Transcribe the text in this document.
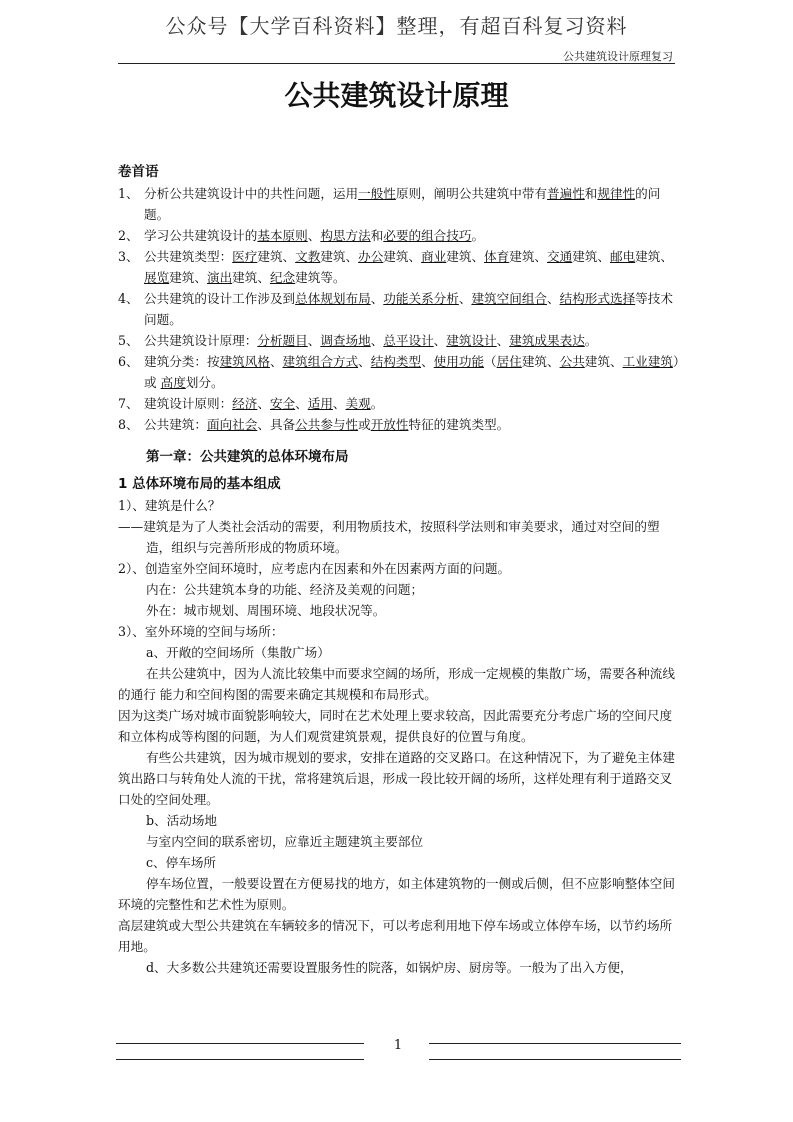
公众号【大学百科资料】整理，有超百科复习资料
公共建筑设计原理复习
公共建筑设计原理
卷首语
1、 分析公共建筑设计中的共性问题，运用一般性原则，阐明公共建筑中带有普遍性和规律性的问题。
2、 学习公共建筑设计的基本原则、构思方法和必要的组合技巧。
3、 公共建筑类型：医疗建筑、文教建筑、办公建筑、商业建筑、体育建筑、交通建筑、邮电建筑、展览建筑、演出建筑、纪念建筑等。
4、 公共建筑的设计工作涉及到总体规划布局、功能关系分析、建筑空间组合、结构形式选择等技术问题。
5、 公共建筑设计原理：分析题目、调查场地、总平设计、建筑设计、建筑成果表达。
6、 建筑分类：按建筑风格、建筑组合方式、结构类型、使用功能（居住建筑、公共建筑、工业建筑）或 高度划分。
7、 建筑设计原则：经济、安全、适用、美观。
8、 公共建筑：面向社会、具备公共参与性或开放性特征的建筑类型。
第一章：公共建筑的总体环境布局
1 总体环境布局的基本组成
1）、建筑是什么？
——建筑是为了人类社会活动的需要，利用物质技术，按照科学法则和审美要求，通过对空间的塑造，组织与完善所形成的物质环境。
2）、创造室外空间环境时，应考虑内在因素和外在因素两方面的问题。
内在：公共建筑本身的功能、经济及美观的问题；
外在：城市规划、周围环境、地段状况等。
3）、室外环境的空间与场所：
a、开敞的空间场所（集散广场）
在共公建筑中，因为人流比较集中而要求空阔的场所，形成一定规模的集散广场，需要各种流线的通行 能力和空间构图的需要来确定其规模和布局形式。
因为这类广场对城市面貌影响较大，同时在艺术处理上要求较高，因此需要充分考虑广场的空间尺度和立体构成等构图的问题，为人们观赏建筑景观，提供良好的位置与角度。
有些公共建筑，因为城市规划的要求，安排在道路的交叉路口。在这种情况下，为了避免主体建筑出路口与转角处人流的干扰，常将建筑后退，形成一段比较开阔的场所，这样处理有利于道路交叉口处的空间处理。
b、活动场地
与室内空间的联系密切，应靠近主题建筑主要部位
c、停车场所
停车场位置，一般要设置在方便易找的地方，如主体建筑物的一侧或后侧，但不应影响整体空间环境的完整性和艺术性为原则。
高层建筑或大型公共建筑在车辆较多的情况下，可以考虑利用地下停车场或立体停车场，以节约场所用地。
d、大多数公共建筑还需要设置服务性的院落，如锅炉房、厨房等。一般为了出入方便，
1
